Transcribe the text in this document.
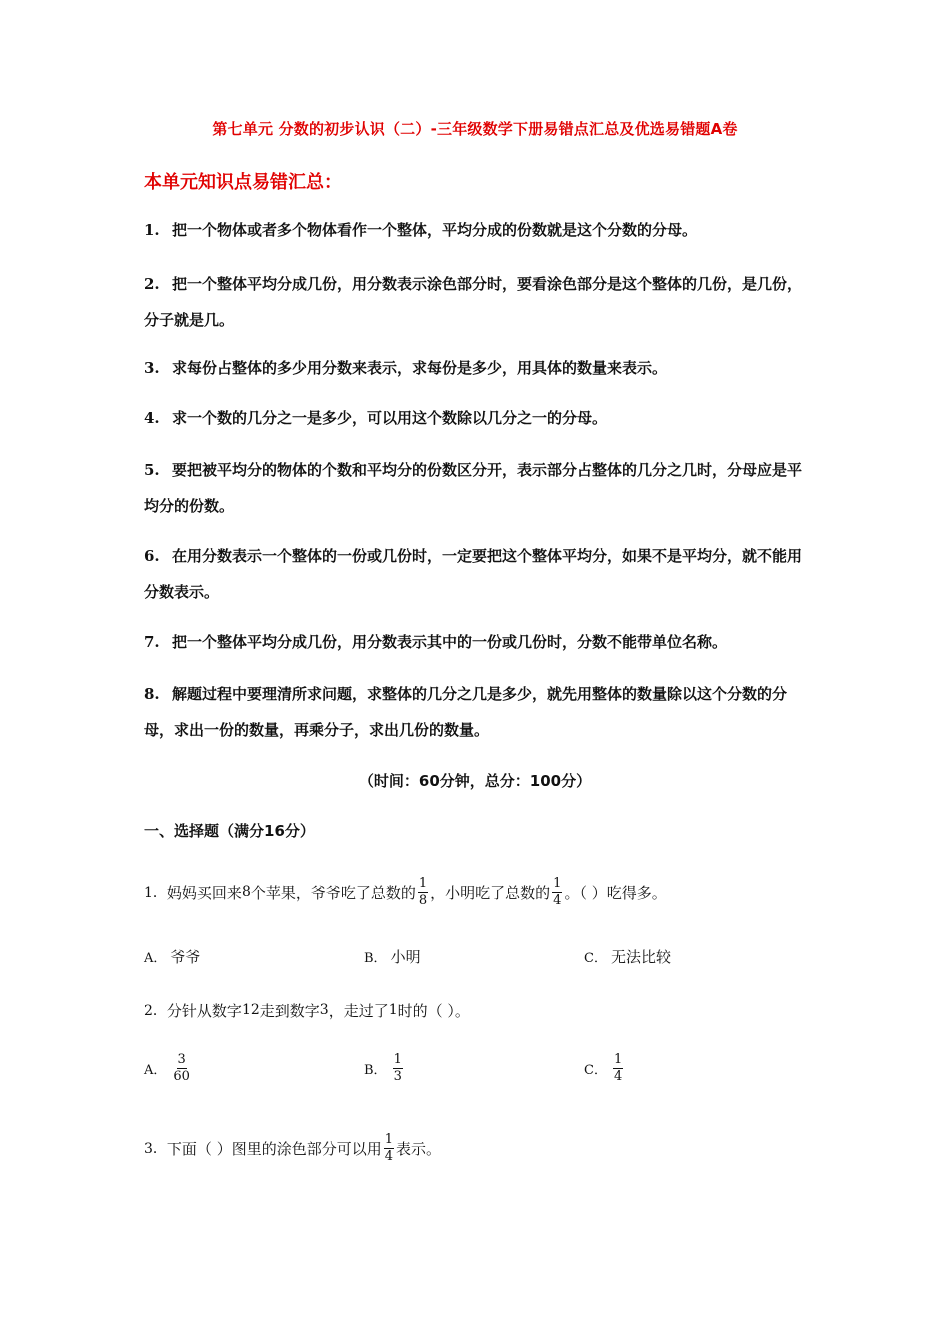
第七单元 分数的初步认识（二）-三年级数学下册易错点汇总及优选易错题A卷
本单元知识点易错汇总：
1. 把一个物体或者多个物体看作一个整体，平均分成的份数就是这个分数的分母。
2. 把一个整体平均分成几份，用分数表示涂色部分时，要看涂色部分是这个整体的几份，是几份，分子就是几。
3. 求每份占整体的多少用分数来表示，求每份是多少，用具体的数量来表示。
4. 求一个数的几分之一是多少，可以用这个数除以几分之一的分母。
5. 要把被平均分的物体的个数和平均分的份数区分开，表示部分占整体的几分之几时，分母应是平均分的份数。
6. 在用分数表示一个整体的一份或几份时，一定要把这个整体平均分，如果不是平均分，就不能用分数表示。
7. 把一个整体平均分成几份，用分数表示其中的一份或几份时，分数不能带单位名称。
8. 解题过程中要理清所求问题，求整体的几分之几是多少，就先用整体的数量除以这个分数的分母，求出一份的数量，再乘分子，求出几份的数量。
（时间：60分钟，总分：100分）
一、选择题（满分16分）
1． 妈妈买回来 8 个苹果，爷爷吃了总数的 $\frac{1}{8}$ ，小明吃了总数的 $\frac{1}{4}$ 。（ ）吃得多。
A． 爷爷	B． 小明	C． 无法比较
2． 分针从数字 12 走到数字 3 ，走过了 1 时的（ ）。
A． $\frac{3}{60}$	B． $\frac{1}{3}$	C． $\frac{1}{4}$
3． 下面（ ）图里的涂色部分可以用 $\frac{1}{4}$ 表示。
